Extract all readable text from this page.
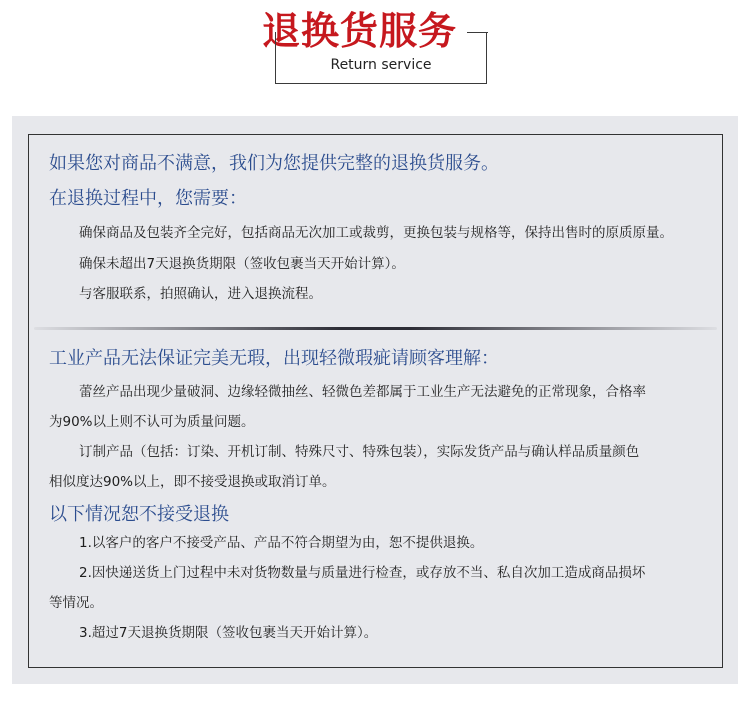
退换货服务
Return service
如果您对商品不满意，我们为您提供完整的退换货服务。
在退换过程中，您需要：
确保商品及包装齐全完好，包括商品无次加工或裁剪，更换包装与规格等，保持出售时的原质原量。
确保未超出7天退换货期限（签收包裹当天开始计算）。
与客服联系，拍照确认，进入退换流程。
工业产品无法保证完美无瑕，出现轻微瑕疵请顾客理解：
蕾丝产品出现少量破洞、边缘轻微抽丝、轻微色差都属于工业生产无法避免的正常现象，合格率
为90%以上则不认可为质量问题。
订制产品（包括：订染、开机订制、特殊尺寸、特殊包装），实际发货产品与确认样品质量颜色
相似度达90%以上，即不接受退换或取消订单。
以下情况恕不接受退换
1.以客户的客户不接受产品、产品不符合期望为由，恕不提供退换。
2.因快递送货上门过程中未对货物数量与质量进行检查，或存放不当、私自次加工造成商品损坏
等情况。
3.超过7天退换货期限（签收包裹当天开始计算）。
